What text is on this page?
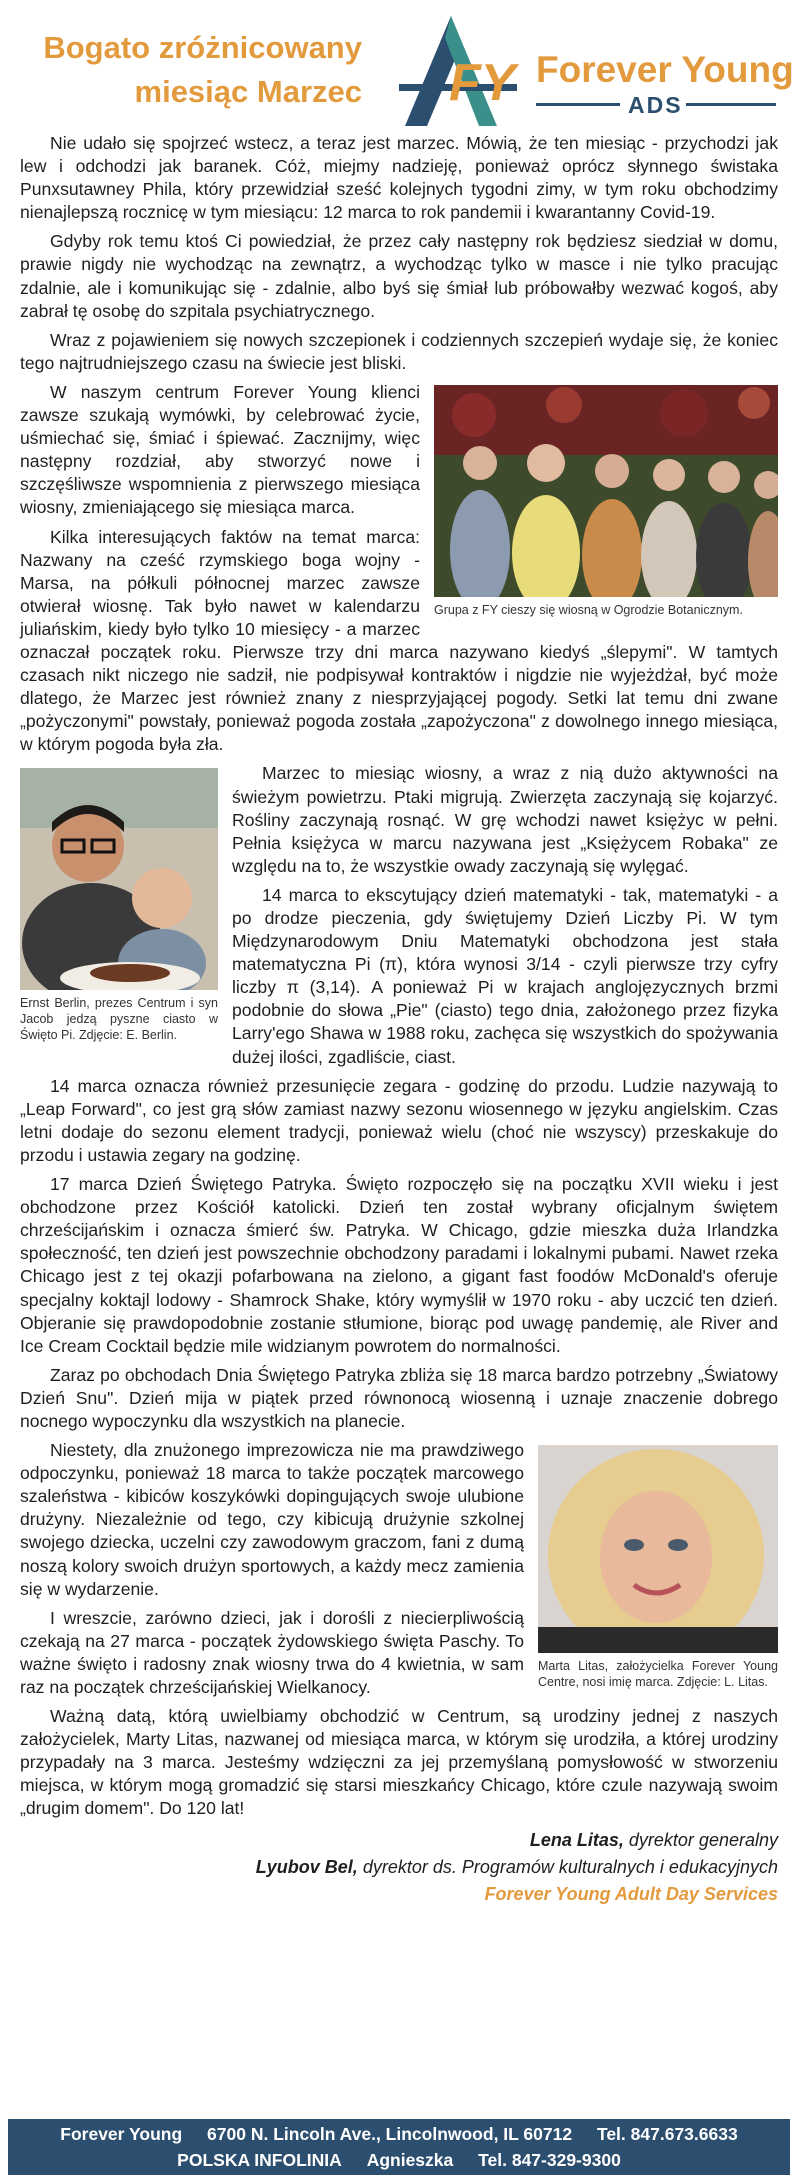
Bogato zróżnicowany
miesiąc Marzec FY Forever Young
ADS

Nie udało się spojrzeć wstecz, a teraz jest marzec. Mówią, że ten miesiąc - przychodzi jak lew i odchodzi jak baranek. Cóż, miejmy nadzieję, ponieważ oprócz słynnego świstaka Punxsutawney Phila, który przewidział sześć kolejnych tygodni zimy, w tym roku obchodzimy nienajlepszą rocznicę w tym miesiącu: 12 marca to rok pandemii i kwarantanny Covid-19.

Gdyby rok temu ktoś Ci powiedział, że przez cały następny rok będziesz siedział w domu, prawie nigdy nie wychodząc na zewnątrz, a wychodząc tylko w masce i nie tylko pracując zdalnie, ale i komunikując się - zdalnie, albo byś się śmiał lub próbowałby wezwać kogoś, aby zabrał tę osobę do szpitala psychiatrycznego.

Wraz z pojawieniem się nowych szczepionek i codziennych szczepień wydaje się, że koniec tego najtrudniejszego czasu na świecie jest bliski.

Grupa z FY cieszy się wiosną w Ogrodzie Botanicznym.

W naszym centrum Forever Young klienci zawsze szukają wymówki, by celebrować życie, uśmiechać się, śmiać i śpiewać. Zacznijmy, więc następny rozdział, aby stworzyć nowe i szczęśliwsze wspomnienia z pierwszego miesiąca wiosny, zmieniającego się miesiąca marca.

Kilka interesujących faktów na temat marca: Nazwany na cześć rzymskiego boga wojny - Marsa, na półkuli północnej marzec zawsze otwierał wiosnę. Tak było nawet w kalendarzu juliańskim, kiedy było tylko 10 miesięcy - a marzec oznaczał początek roku. Pierwsze trzy dni marca nazywano kiedyś „ślepymi". W tamtych czasach nikt niczego nie sadził, nie podpisywał kontraktów i nigdzie nie wyjeżdżał, być może dlatego, że Marzec jest również znany z niesprzyjającej pogody. Setki lat temu dni zwane „pożyczonymi" powstały, ponieważ pogoda została „zapożyczona" z dowolnego innego miesiąca, w którym pogoda była zła.

Ernst Berlin, prezes Centrum i syn Jacob jedzą pyszne ciasto w Święto Pi. Zdjęcie: E. Berlin.

Marzec to miesiąc wiosny, a wraz z nią dużo aktywności na świeżym powietrzu. Ptaki migrują. Zwierzęta zaczynają się kojarzyć. Rośliny zaczynają rosnąć. W grę wchodzi nawet księżyc w pełni. Pełnia księżyca w marcu nazywana jest „Księżycem Robaka" ze względu na to, że wszystkie owady zaczynają się wylęgać.

14 marca to ekscytujący dzień matematyki - tak, matematyki - a po drodze pieczenia, gdy świętujemy Dzień Liczby Pi. W tym Międzynarodowym Dniu Matematyki obchodzona jest stała matematyczna Pi (π), która wynosi 3/14 - czyli pierwsze trzy cyfry liczby π (3,14). A ponieważ Pi w krajach anglojęzycznych brzmi podobnie do słowa „Pie" (ciasto) tego dnia, założonego przez fizyka Larry'ego Shawa w 1988 roku, zachęca się wszystkich do spożywania dużej ilości, zgadliście, ciast.

14 marca oznacza również przesunięcie zegara - godzinę do przodu. Ludzie nazywają to „Leap Forward", co jest grą słów zamiast nazwy sezonu wiosennego w języku angielskim. Czas letni dodaje do sezonu element tradycji, ponieważ wielu (choć nie wszyscy) przeskakuje do przodu i ustawia zegary na godzinę.

17 marca Dzień Świętego Patryka. Święto rozpoczęło się na początku XVII wieku i jest obchodzone przez Kościół katolicki. Dzień ten został wybrany oficjalnym świętem chrześcijańskim i oznacza śmierć św. Patryka. W Chicago, gdzie mieszka duża Irlandzka społeczność, ten dzień jest powszechnie obchodzony paradami i lokalnymi pubami. Nawet rzeka Chicago jest z tej okazji pofarbowana na zielono, a gigant fast foodów McDonald's oferuje specjalny koktajl lodowy - Shamrock Shake, który wymyślił w 1970 roku - aby uczcić ten dzień. Objeranie się prawdopodobnie zostanie stłumione, biorąc pod uwagę pandemię, ale River and Ice Cream Cocktail będzie mile widzianym powrotem do normalności.

Zaraz po obchodach Dnia Świętego Patryka zbliża się 18 marca bardzo potrzebny „Światowy Dzień Snu". Dzień mija w piątek przed równonocą wiosenną i uznaje znaczenie dobrego nocnego wypoczynku dla wszystkich na planecie.

Marta Litas, założycielka Forever Young Centre, nosi imię marca. Zdjęcie: L. Litas.

Niestety, dla znużonego imprezowicza nie ma prawdziwego odpoczynku, ponieważ 18 marca to także początek marcowego szaleństwa - kibiców koszykówki dopingujących swoje ulubione drużyny. Niezależnie od tego, czy kibicują drużynie szkolnej swojego dziecka, uczelni czy zawodowym graczom, fani z dumą noszą kolory swoich drużyn sportowych, a każdy mecz zamienia się w wydarzenie.

I wreszcie, zarówno dzieci, jak i dorośli z niecierpliwością czekają na 27 marca - początek żydowskiego święta Paschy. To ważne święto i radosny znak wiosny trwa do 4 kwietnia, w sam raz na początek chrześcijańskiej Wielkanocy.

Ważną datą, którą uwielbiamy obchodzić w Centrum, są urodziny jednej z naszych założycielek, Marty Litas, nazwanej od miesiąca marca, w którym się urodziła, a której urodziny przypadały na 3 marca. Jesteśmy wdzięczni za jej przemyślaną pomysłowość w stworzeniu miejsca, w którym mogą gromadzić się starsi mieszkańcy Chicago, które czule nazywają swoim „drugim domem". Do 120 lat!

Lena Litas, dyrektor generalny
Lyubov Bel, dyrektor ds. Programów kulturalnych i edukacyjnych
Forever Young Adult Day Services
Forever Young 6700 N. Lincoln Ave., Lincolnwood, IL 60712 Tel. 847.673.6633
POLSKA INFOLINIA Agnieszka Tel. 847-329-9300
